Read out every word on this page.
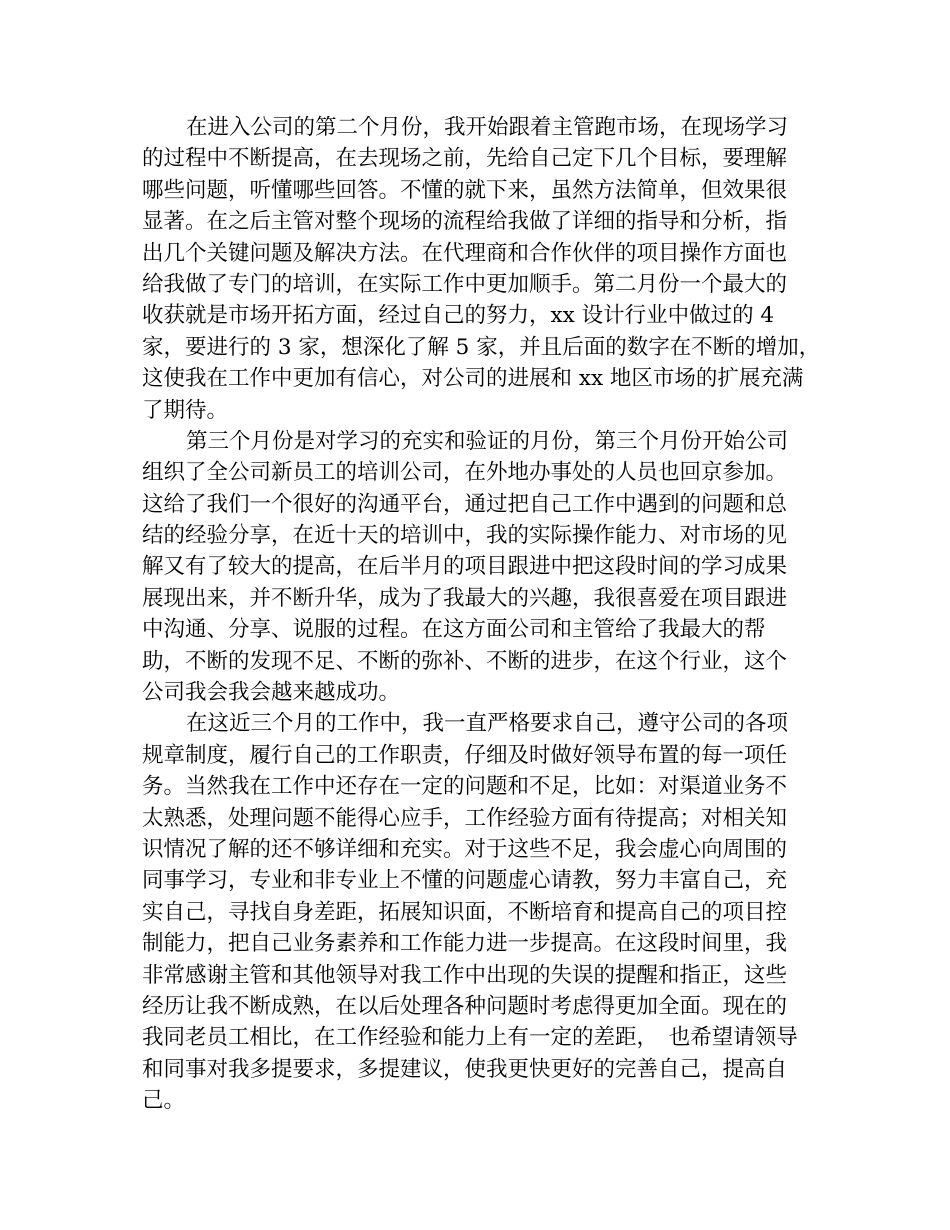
在进入公司的第二个月份，我开始跟着主管跑市场，在现场学习
的过程中不断提高，在去现场之前，先给自己定下几个目标，要理解
哪些问题，听懂哪些回答。不懂的就下来，虽然方法简单，但效果很
显著。在之后主管对整个现场的流程给我做了详细的指导和分析，指
出几个关键问题及解决方法。在代理商和合作伙伴的项目操作方面也
给我做了专门的培训，在实际工作中更加顺手。第二月份一个最大的
收获就是市场开拓方面，经过自己的努力，xx 设计行业中做过的 4
家，要进行的 3 家，想深化了解 5 家，并且后面的数字在不断的增加，
这使我在工作中更加有信心，对公司的进展和 xx 地区市场的扩展充满
了期待。
第三个月份是对学习的充实和验证的月份，第三个月份开始公司
组织了全公司新员工的培训公司，在外地办事处的人员也回京参加。
这给了我们一个很好的沟通平台，通过把自己工作中遇到的问题和总
结的经验分享，在近十天的培训中，我的实际操作能力、对市场的见
解又有了较大的提高，在后半月的项目跟进中把这段时间的学习成果
展现出来，并不断升华，成为了我最大的兴趣，我很喜爱在项目跟进
中沟通、分享、说服的过程。在这方面公司和主管给了我最大的帮
助，不断的发现不足、不断的弥补、不断的进步，在这个行业，这个
公司我会我会越来越成功。
在这近三个月的工作中，我一直严格要求自己，遵守公司的各项
规章制度，履行自己的工作职责，仔细及时做好领导布置的每一项任
务。当然我在工作中还存在一定的问题和不足，比如：对渠道业务不
太熟悉，处理问题不能得心应手，工作经验方面有待提高；对相关知
识情况了解的还不够详细和充实。对于这些不足，我会虚心向周围的
同事学习，专业和非专业上不懂的问题虚心请教，努力丰富自己，充
实自己，寻找自身差距，拓展知识面，不断培育和提高自己的项目控
制能力，把自己业务素养和工作能力进一步提高。在这段时间里，我
非常感谢主管和其他领导对我工作中出现的失误的提醒和指正，这些
经历让我不断成熟，在以后处理各种问题时考虑得更加全面。现在的
我同老员工相比，在工作经验和能力上有一定的差距，　也希望请领导
和同事对我多提要求，多提建议，使我更快更好的完善自己，提高自
己。
